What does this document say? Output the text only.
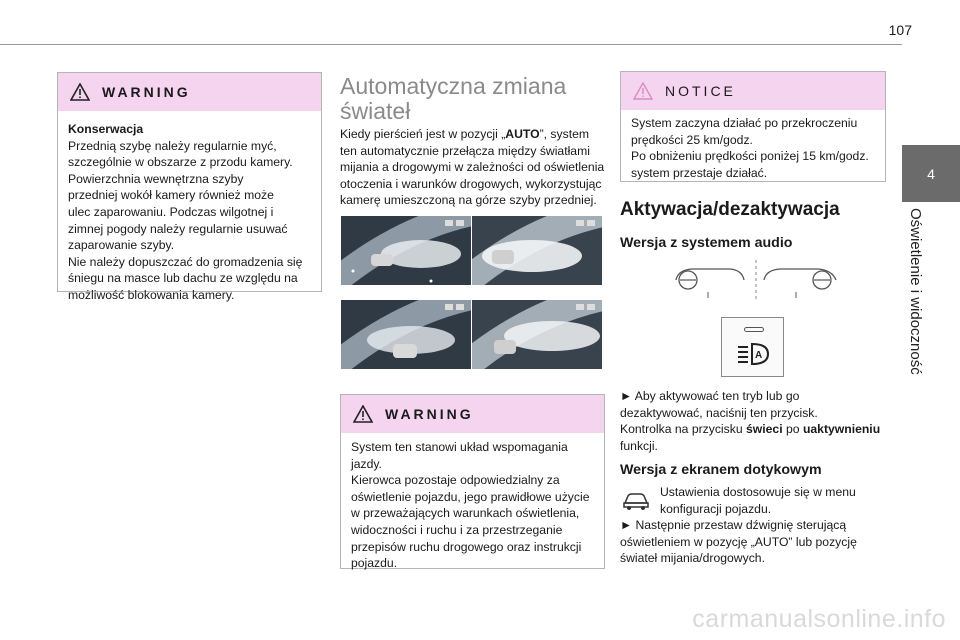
107
4
Oświetlenie i widoczność
WARNING

Konserwacja

Przednią szybę należy regularnie myć,

szczególnie w obszarze z przodu kamery.

Powierzchnia wewnętrzna szyby

przedniej wokół kamery również może

ulec zaparowaniu. Podczas wilgotnej i

zimnej pogody należy regularnie usuwać

zaparowanie szyby.

Nie należy dopuszczać do gromadzenia się

śniegu na masce lub dachu ze względu na

możliwość blokowania kamery.

Automatyczna zmiana
świateł
Kiedy pierścień jest w pozycji „AUTO”, system
ten automatycznie przełącza między światłami
mijania a drogowymi w zależności od oświetlenia
otoczenia i warunków drogowych, wykorzystując
kamerę umieszczoną na górze szyby przedniej.
WARNING

System ten stanowi układ wspomagania

jazdy.

Kierowca pozostaje odpowiedzialny za

oświetlenie pojazdu, jego prawidłowe użycie

w przeważających warunkach oświetlenia,

widoczności i ruchu i za przestrzeganie

przepisów ruchu drogowego oraz instrukcji

pojazdu.

NOTICE

System zaczyna działać po przekroczeniu

prędkości 25 km/godz.

Po obniżeniu prędkości poniżej 15 km/godz.

system przestaje działać.

Aktywacja/dezaktywacja
Wersja z systemem audio
A
► Aby aktywować ten tryb lub go
dezaktywować, naciśnij ten przycisk.
Kontrolka na przycisku świeci po uaktywnieniu
funkcji.
Wersja z ekranem dotykowym
Ustawienia dostosowuje się w menu
konfiguracji pojazdu.
► Następnie przestaw dźwignię sterującą
oświetleniem w pozycję „AUTO” lub pozycję
świateł mijania/drogowych.
carmanualsonline.info
